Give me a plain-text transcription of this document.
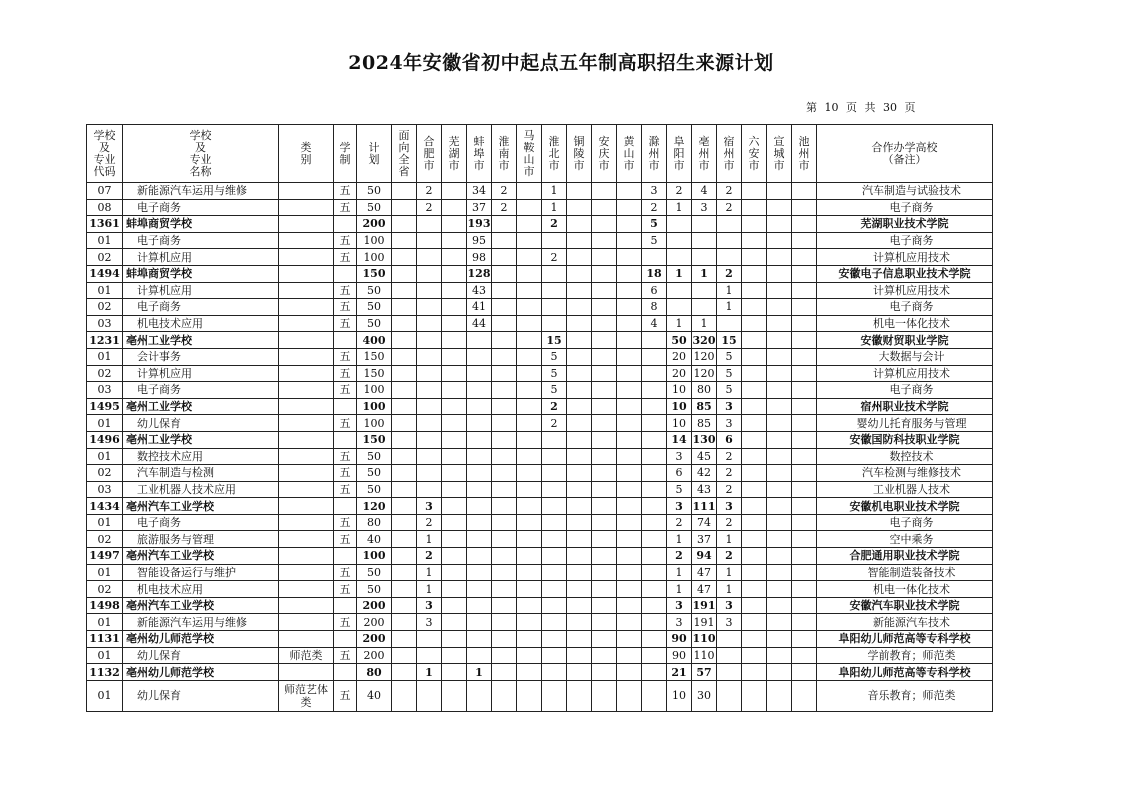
2024年安徽省初中起点五年制高职招生来源计划
第 10 页 共 30 页
学校
及
专业
代码	学校
及
专业
名称	类
别	学
制	计
划	面向全省	合肥市	芜湖市	蚌埠市	淮南市	马鞍山市	淮北市	铜陵市	安庆市	黄山市	滁州市	阜阳市	亳州市	宿州市	六安市	宣城市	池州市	合作办学高校
（备注）
07	新能源汽车运用与维修		五	50		2		34	2		1				3	2	4	2				汽车制造与试验技术
08	电子商务		五	50		2		37	2		1				2	1	3	2				电子商务
1361	蚌埠商贸学校			200				193			2				5							芜湖职业技术学院
01	电子商务		五	100				95							5							电子商务
02	计算机应用		五	100				98			2											计算机应用技术
1494	蚌埠商贸学校			150				128							18	1	1	2				安徽电子信息职业技术学院
01	计算机应用		五	50				43							6			1				计算机应用技术
02	电子商务		五	50				41							8			1				电子商务
03	机电技术应用		五	50				44							4	1	1					机电一体化技术
1231	亳州工业学校			400							15					50	320	15				安徽财贸职业学院
01	会计事务		五	150							5					20	120	5				大数据与会计
02	计算机应用		五	150							5					20	120	5				计算机应用技术
03	电子商务		五	100							5					10	80	5				电子商务
1495	亳州工业学校			100							2					10	85	3				宿州职业技术学院
01	幼儿保育		五	100							2					10	85	3				婴幼儿托育服务与管理
1496	亳州工业学校			150												14	130	6				安徽国防科技职业学院
01	数控技术应用		五	50												3	45	2				数控技术
02	汽车制造与检测		五	50												6	42	2				汽车检测与维修技术
03	工业机器人技术应用		五	50												5	43	2				工业机器人技术
1434	亳州汽车工业学校			120		3										3	111	3				安徽机电职业技术学院
01	电子商务		五	80		2										2	74	2				电子商务
02	旅游服务与管理		五	40		1										1	37	1				空中乘务
1497	亳州汽车工业学校			100		2										2	94	2				合肥通用职业技术学院
01	智能设备运行与维护		五	50		1										1	47	1				智能制造装备技术
02	机电技术应用		五	50		1										1	47	1				机电一体化技术
1498	亳州汽车工业学校			200		3										3	191	3				安徽汽车职业技术学院
01	新能源汽车运用与维修		五	200		3										3	191	3				新能源汽车技术
1131	亳州幼儿师范学校			200												90	110					阜阳幼儿师范高等专科学校
01	幼儿保育	师范类	五	200												90	110					学前教育；师范类
1132	亳州幼儿师范学校			80		1		1								21	57					阜阳幼儿师范高等专科学校
01	幼儿保育	师范艺体类	五	40												10	30					音乐教育；师范类
